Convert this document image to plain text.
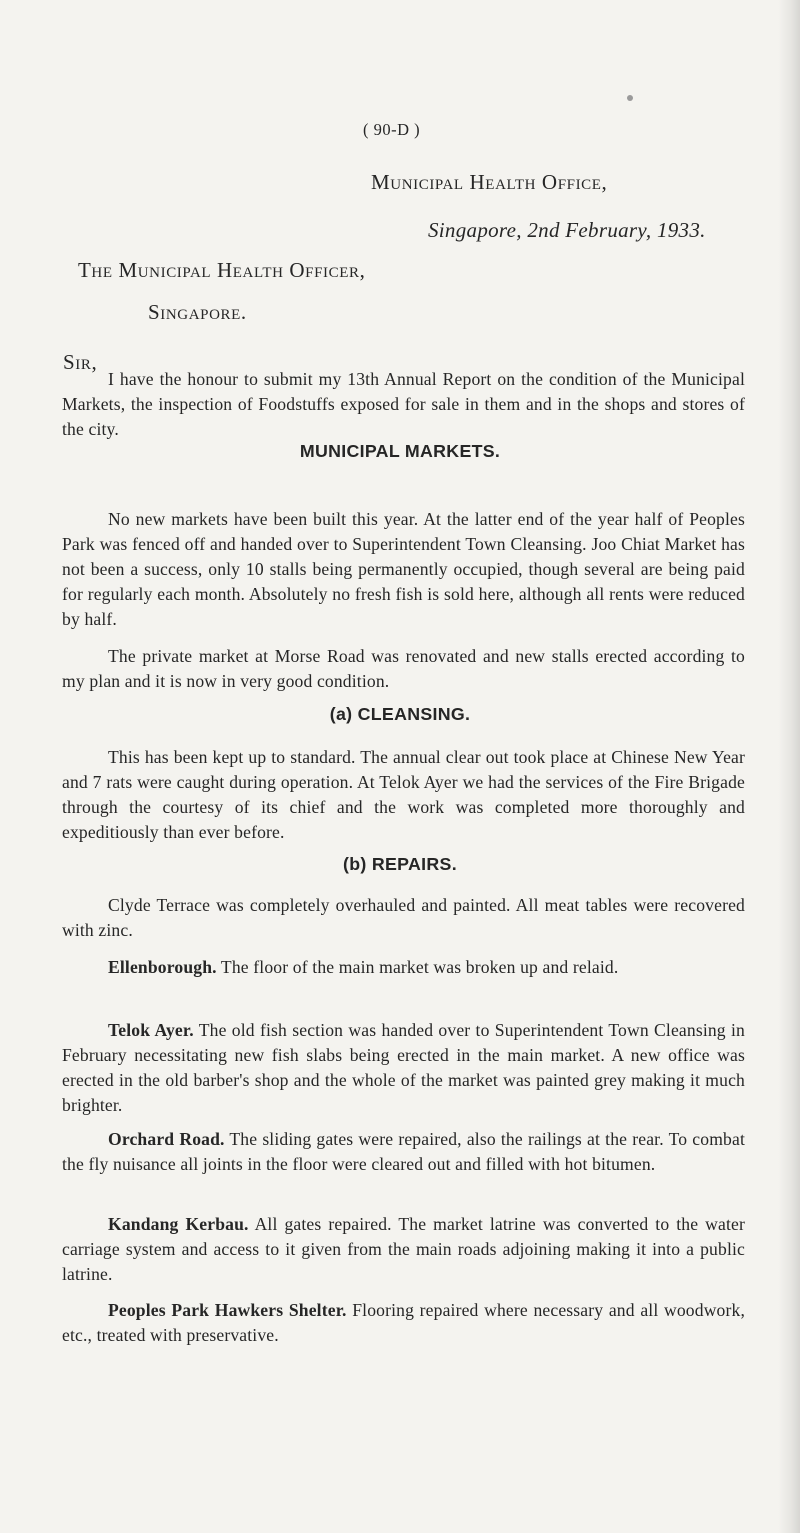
( 90-D )

Municipal Health Office,

Singapore, 2nd February, 1933.

The Municipal Health Officer,

Singapore.

Sir,

I have the honour to submit my 13th Annual Report on the condition of the Municipal Markets, the inspection of Foodstuffs exposed for sale in them and in the shops and stores of the city.

MUNICIPAL MARKETS.

No new markets have been built this year. At the latter end of the year half of Peoples Park was fenced off and handed over to Superintendent Town Cleansing. Joo Chiat Market has not been a success, only 10 stalls being permanently occupied, though several are being paid for regularly each month. Absolutely no fresh fish is sold here, although all rents were reduced by half.

The private market at Morse Road was renovated and new stalls erected according to my plan and it is now in very good condition.

(a) CLEANSING.

This has been kept up to standard. The annual clear out took place at Chinese New Year and 7 rats were caught during operation. At Telok Ayer we had the services of the Fire Brigade through the courtesy of its chief and the work was completed more thoroughly and expeditiously than ever before.

(b) REPAIRS.

Clyde Terrace was completely overhauled and painted. All meat tables were recovered with zinc.

Ellenborough. The floor of the main market was broken up and relaid.

Telok Ayer. The old fish section was handed over to Superintendent Town Cleansing in February necessitating new fish slabs being erected in the main market. A new office was erected in the old barber's shop and the whole of the market was painted grey making it much brighter.

Orchard Road. The sliding gates were repaired, also the railings at the rear. To combat the fly nuisance all joints in the floor were cleared out and filled with hot bitumen.

Kandang Kerbau. All gates repaired. The market latrine was converted to the water carriage system and access to it given from the main roads adjoining making it into a public latrine.

Peoples Park Hawkers Shelter. Flooring repaired where necessary and all woodwork, etc., treated with preservative.
